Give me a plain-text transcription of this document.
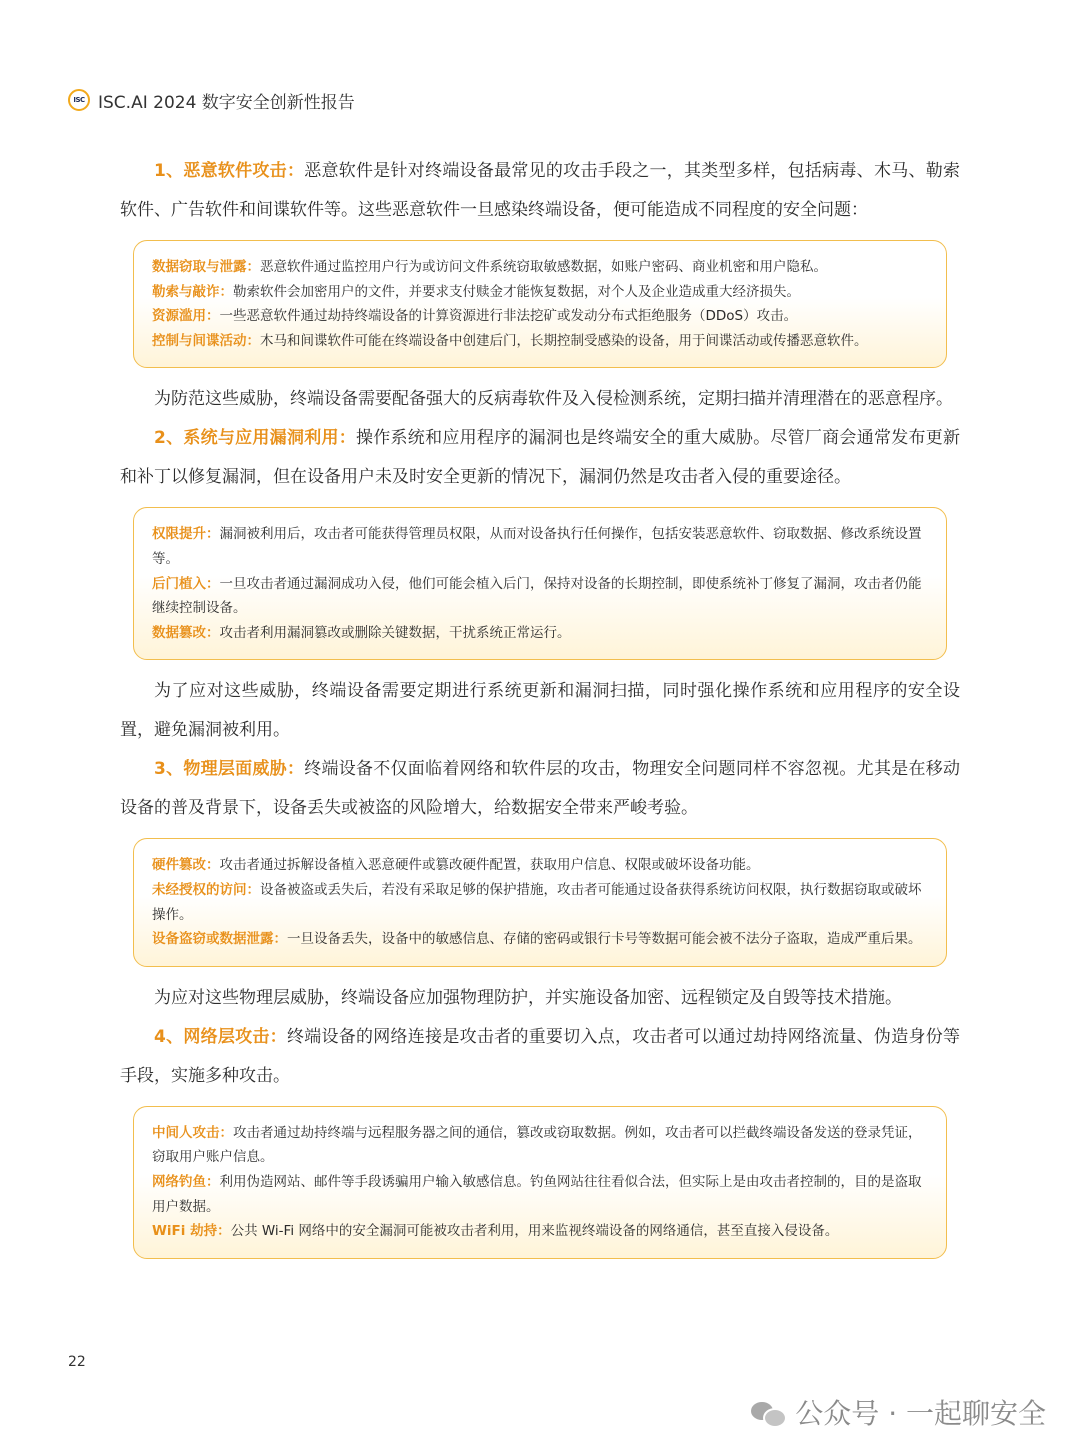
ISC ISC.AI 2024 数字安全创新性报告

1、恶意软件攻击：恶意软件是针对终端设备最常见的攻击手段之一，其类型多样，包括病毒、木马、勒索软件、广告软件和间谍软件等。这些恶意软件一旦感染终端设备，便可能造成不同程度的安全问题：

数据窃取与泄露：恶意软件通过监控用户行为或访问文件系统窃取敏感数据，如账户密码、商业机密和用户隐私。

勒索与敲诈：勒索软件会加密用户的文件，并要求支付赎金才能恢复数据，对个人及企业造成重大经济损失。

资源滥用：一些恶意软件通过劫持终端设备的计算资源进行非法挖矿或发动分布式拒绝服务（DDoS）攻击。

控制与间谍活动：木马和间谍软件可能在终端设备中创建后门，长期控制受感染的设备，用于间谍活动或传播恶意软件。

为防范这些威胁，终端设备需要配备强大的反病毒软件及入侵检测系统，定期扫描并清理潜在的恶意程序。

2、系统与应用漏洞利用：操作系统和应用程序的漏洞也是终端安全的重大威胁。尽管厂商会通常发布更新和补丁以修复漏洞，但在设备用户未及时安全更新的情况下，漏洞仍然是攻击者入侵的重要途径。

权限提升：漏洞被利用后，攻击者可能获得管理员权限，从而对设备执行任何操作，包括安装恶意软件、窃取数据、修改系统设置等。

后门植入：一旦攻击者通过漏洞成功入侵，他们可能会植入后门，保持对设备的长期控制，即使系统补丁修复了漏洞，攻击者仍能继续控制设备。

数据篡改：攻击者利用漏洞篡改或删除关键数据，干扰系统正常运行。

为了应对这些威胁，终端设备需要定期进行系统更新和漏洞扫描，同时强化操作系统和应用程序的安全设置，避免漏洞被利用。

3、物理层面威胁：终端设备不仅面临着网络和软件层的攻击，物理安全问题同样不容忽视。尤其是在移动设备的普及背景下，设备丢失或被盗的风险增大，给数据安全带来严峻考验。

硬件篡改：攻击者通过拆解设备植入恶意硬件或篡改硬件配置，获取用户信息、权限或破坏设备功能。

未经授权的访问：设备被盗或丢失后，若没有采取足够的保护措施，攻击者可能通过设备获得系统访问权限，执行数据窃取或破坏操作。

设备盗窃或数据泄露：一旦设备丢失，设备中的敏感信息、存储的密码或银行卡号等数据可能会被不法分子盗取，造成严重后果。

为应对这些物理层威胁，终端设备应加强物理防护，并实施设备加密、远程锁定及自毁等技术措施。

4、网络层攻击：终端设备的网络连接是攻击者的重要切入点，攻击者可以通过劫持网络流量、伪造身份等手段，实施多种攻击。

中间人攻击：攻击者通过劫持终端与远程服务器之间的通信，篡改或窃取数据。例如，攻击者可以拦截终端设备发送的登录凭证，窃取用户账户信息。

网络钓鱼：利用伪造网站、邮件等手段诱骗用户输入敏感信息。钓鱼网站往往看似合法，但实际上是由攻击者控制的，目的是盗取用户数据。

WiFi 劫持：公共 Wi-Fi 网络中的安全漏洞可能被攻击者利用，用来监视终端设备的网络通信，甚至直接入侵设备。

22
公众号 · 一起聊安全
